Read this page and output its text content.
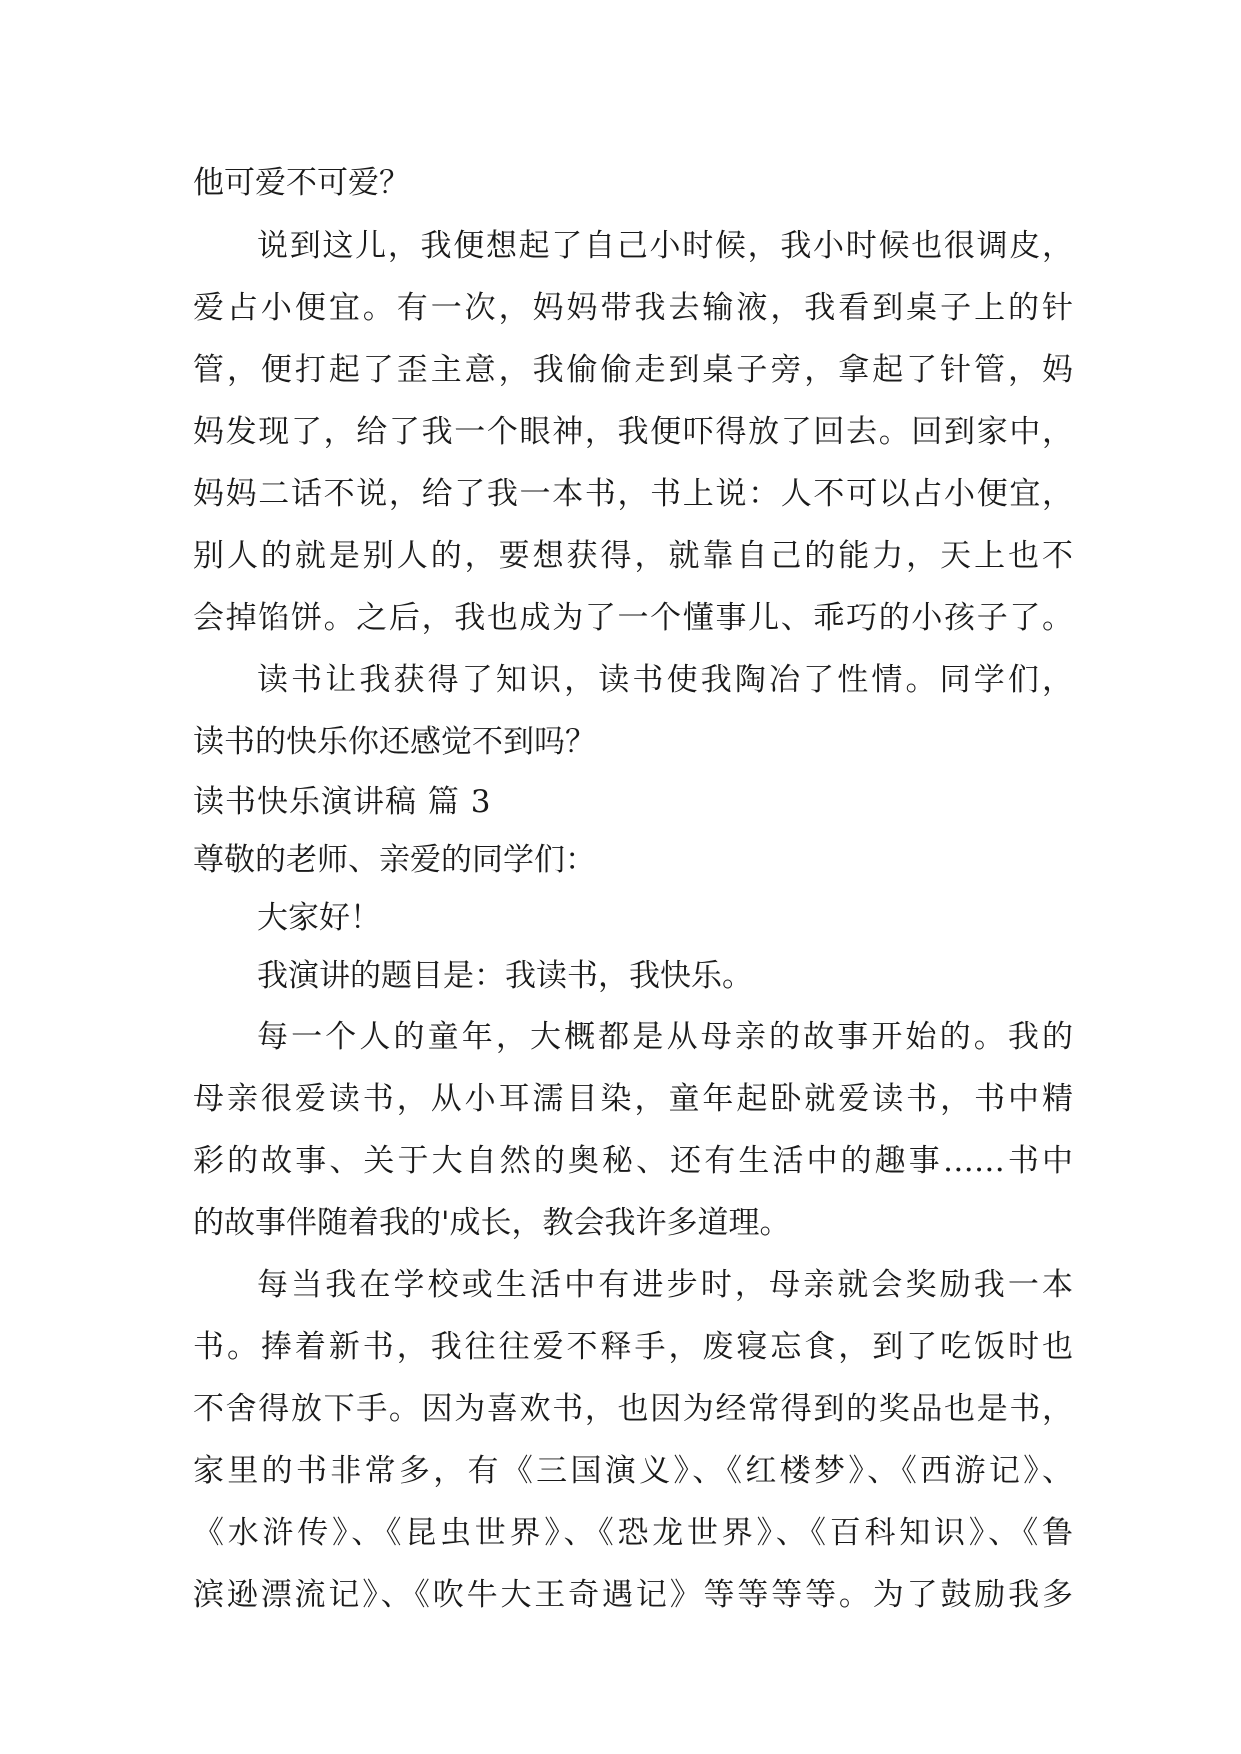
他可爱不可爱？
说到这儿，我便想起了自己小时候，我小时候也很调皮，
爱占小便宜。有一次，妈妈带我去输液，我看到桌子上的针
管，便打起了歪主意，我偷偷走到桌子旁，拿起了针管，妈
妈发现了，给了我一个眼神，我便吓得放了回去。回到家中，
妈妈二话不说，给了我一本书，书上说：人不可以占小便宜，
别人的就是别人的，要想获得，就靠自己的能力，天上也不
会掉馅饼。之后，我也成为了一个懂事儿、乖巧的小孩子了。
读书让我获得了知识，读书使我陶冶了性情。同学们，
读书的快乐你还感觉不到吗？
读书快乐演讲稿 篇 3
尊敬的老师、亲爱的同学们：
大家好！
我演讲的题目是：我读书，我快乐。
每一个人的童年，大概都是从母亲的故事开始的。我的
母亲很爱读书，从小耳濡目染，童年起卧就爱读书，书中精
彩的故事、关于大自然的奥秘、还有生活中的趣事……书中
的故事伴随着我的'成长，教会我许多道理。
每当我在学校或生活中有进步时，母亲就会奖励我一本
书。捧着新书，我往往爱不释手，废寝忘食，到了吃饭时也
不舍得放下手。因为喜欢书，也因为经常得到的奖品也是书，
家里的书非常多，有《三国演义》、《红楼梦》、《西游记》、
《水浒传》、《昆虫世界》、《恐龙世界》、《百科知识》、《鲁
滨逊漂流记》、《吹牛大王奇遇记》等等等等。为了鼓励我多
